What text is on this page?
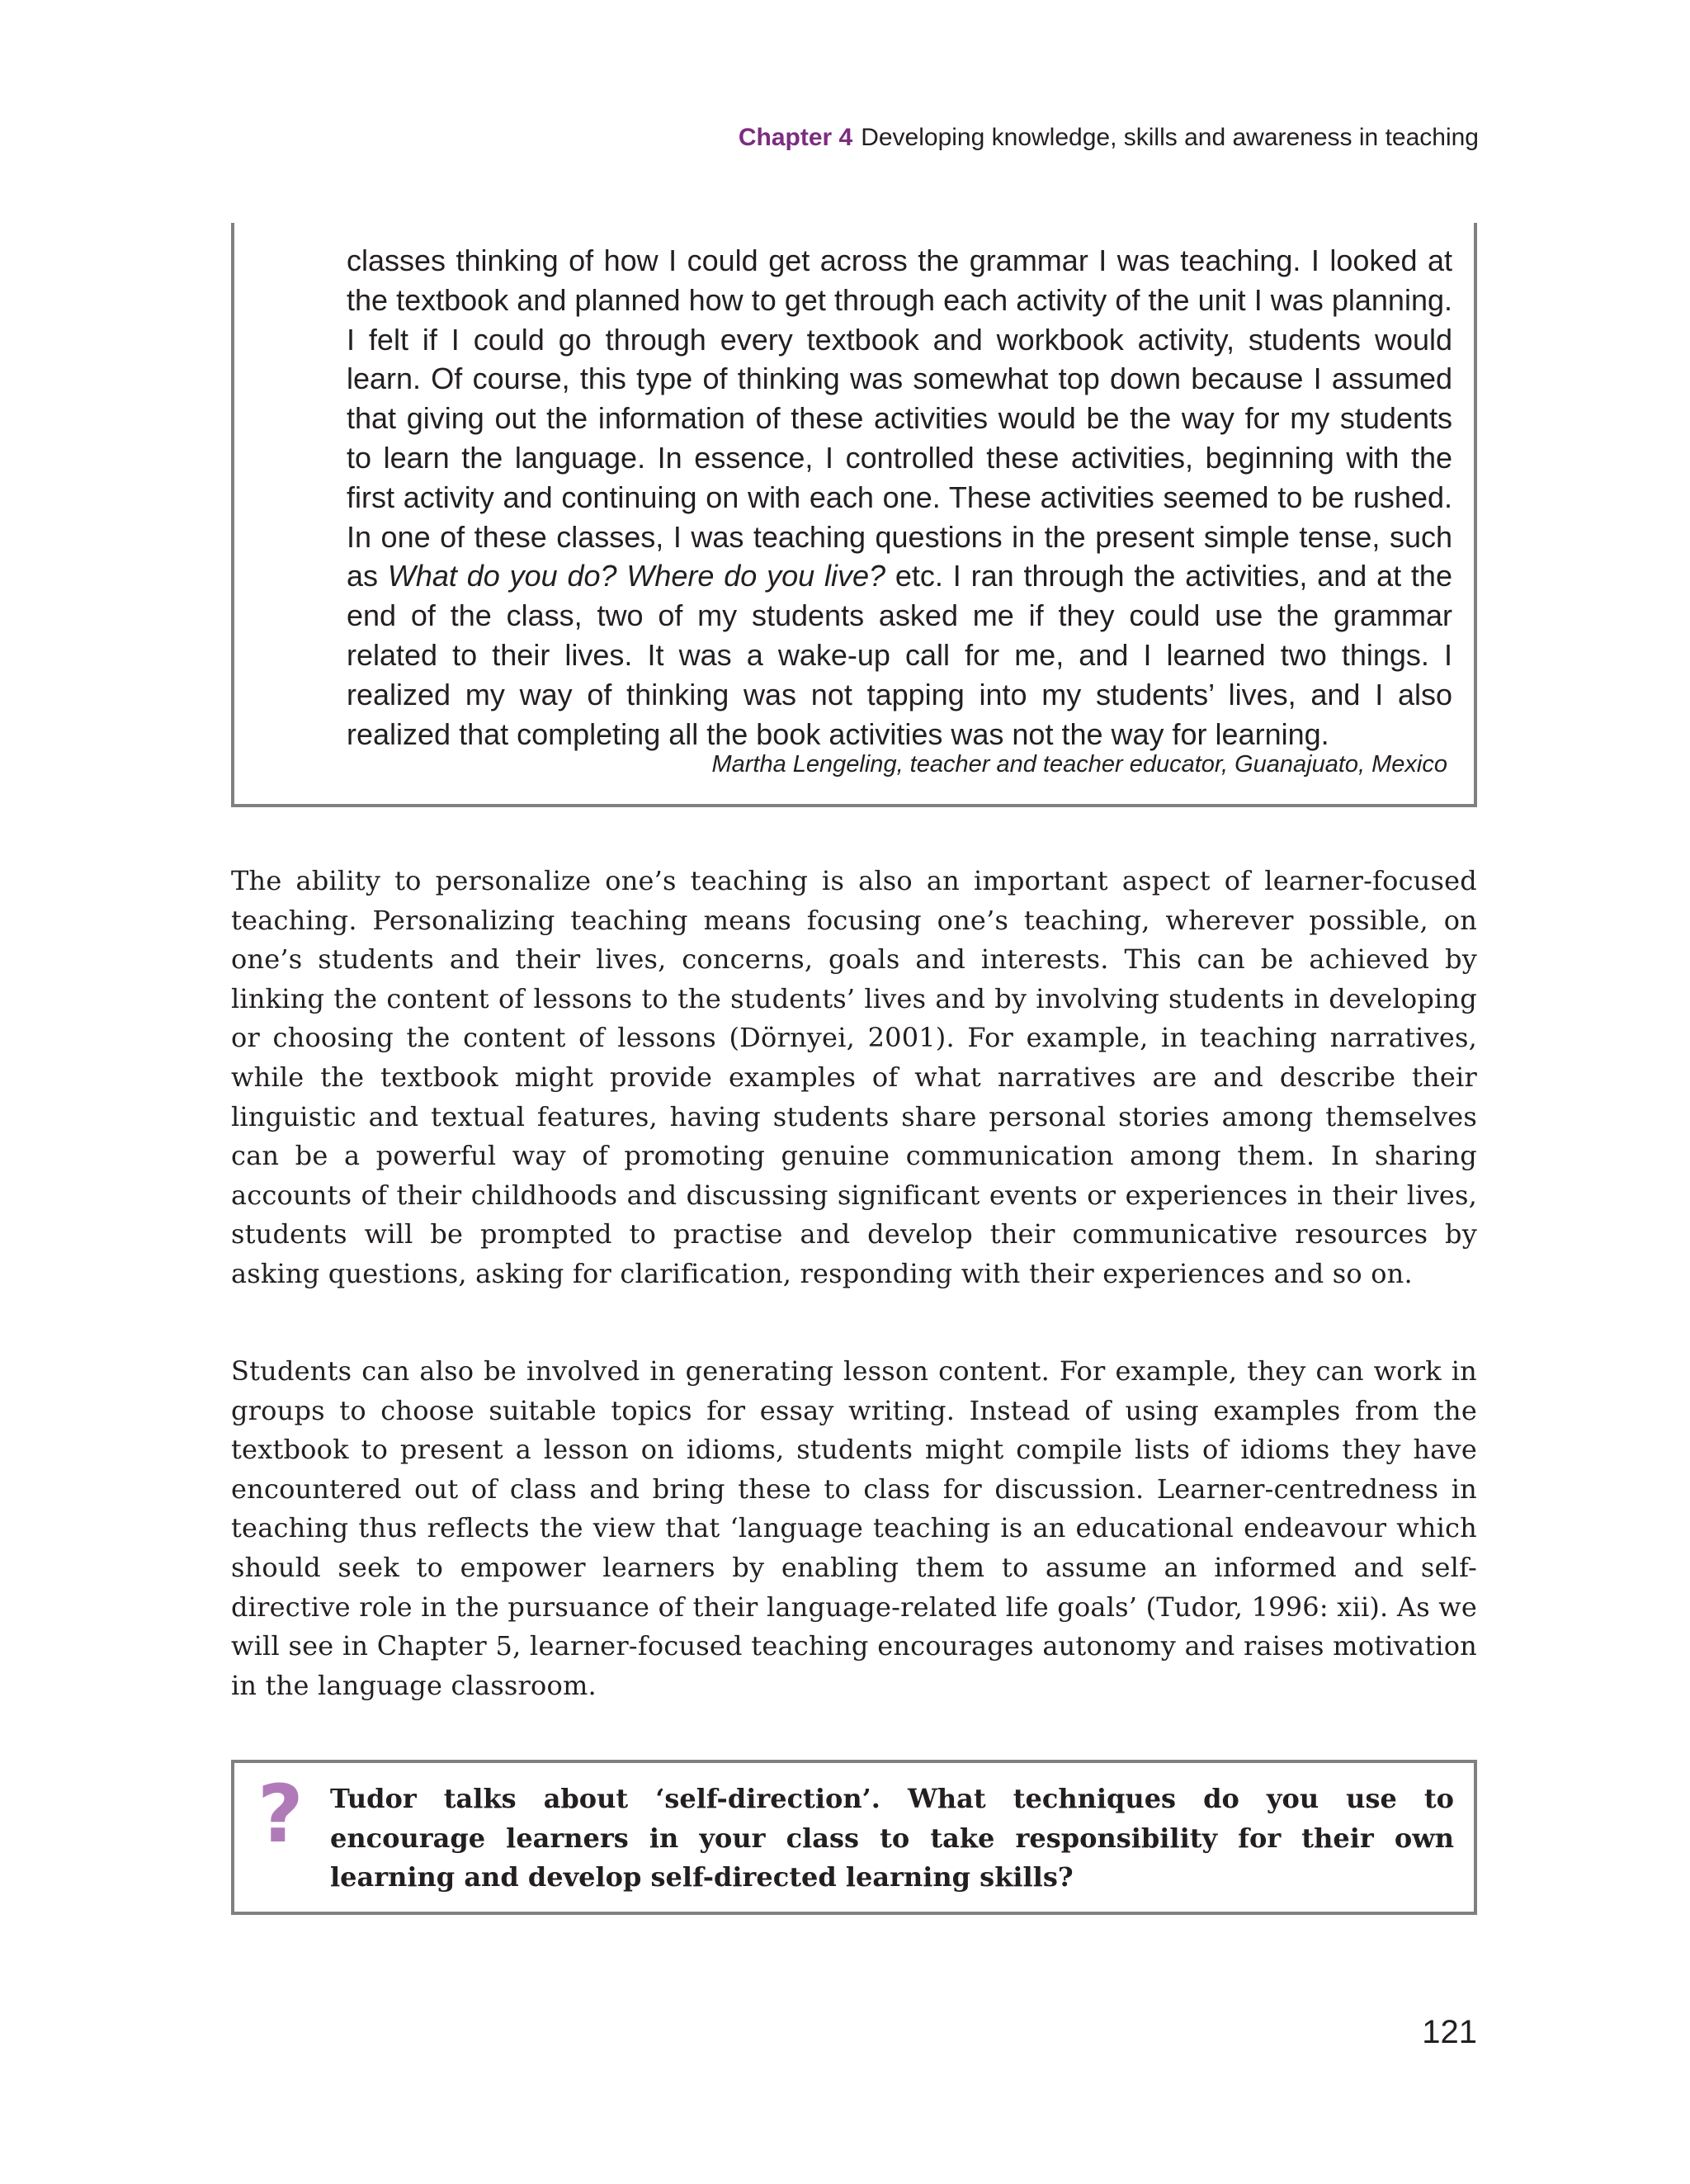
Chapter 4 Developing knowledge, skills and awareness in teaching

classes thinking of how I could get across the grammar I was teaching. I looked at the textbook and planned how to get through each activity of the unit I was planning. I felt if I could go through every textbook and workbook activity, students would learn. Of course, this type of thinking was somewhat top down because I assumed that giving out the information of these activities would be the way for my students to learn the language. In essence, I controlled these activities, beginning with the first activity and continuing on with each one. These activities seemed to be rushed. In one of these classes, I was teaching questions in the present simple tense, such as What do you do? Where do you live? etc. I ran through the activities, and at the end of the class, two of my students asked me if they could use the grammar related to their lives. It was a wake-up call for me, and I learned two things. I realized my way of thinking was not tapping into my students’ lives, and I also realized that completing all the book activities was not the way for learning.

Martha Lengeling, teacher and teacher educator, Guanajuato, Mexico

The ability to personalize one’s teaching is also an important aspect of learner-focused teaching. Personalizing teaching means focusing one’s teaching, wherever possible, on one’s students and their lives, concerns, goals and interests. This can be achieved by linking the content of lessons to the students’ lives and by involving students in developing or choosing the content of lessons (Dörnyei, 2001). For example, in teaching narratives, while the textbook might provide examples of what narratives are and describe their linguistic and textual features, having students share personal stories among themselves can be a powerful way of promoting genuine communication among them. In sharing accounts of their childhoods and discussing significant events or experiences in their lives, students will be prompted to practise and develop their communicative resources by asking questions, asking for clarification, responding with their experiences and so on.

Students can also be involved in generating lesson content. For example, they can work in groups to choose suitable topics for essay writing. Instead of using examples from the textbook to present a lesson on idioms, students might compile lists of idioms they have encountered out of class and bring these to class for discussion. Learner-centredness in teaching thus reflects the view that ‘language teaching is an educational endeavour which should seek to empower learners by enabling them to assume an informed and self-directive role in the pursuance of their language-related life goals’ (Tudor, 1996: xii). As we will see in Chapter 5, learner-focused teaching encourages autonomy and raises motivation in the language classroom.

? Tudor talks about ‘self-direction’. What techniques do you use to encourage learners in your class to take responsibility for their own learning and develop self-directed learning skills?

121
